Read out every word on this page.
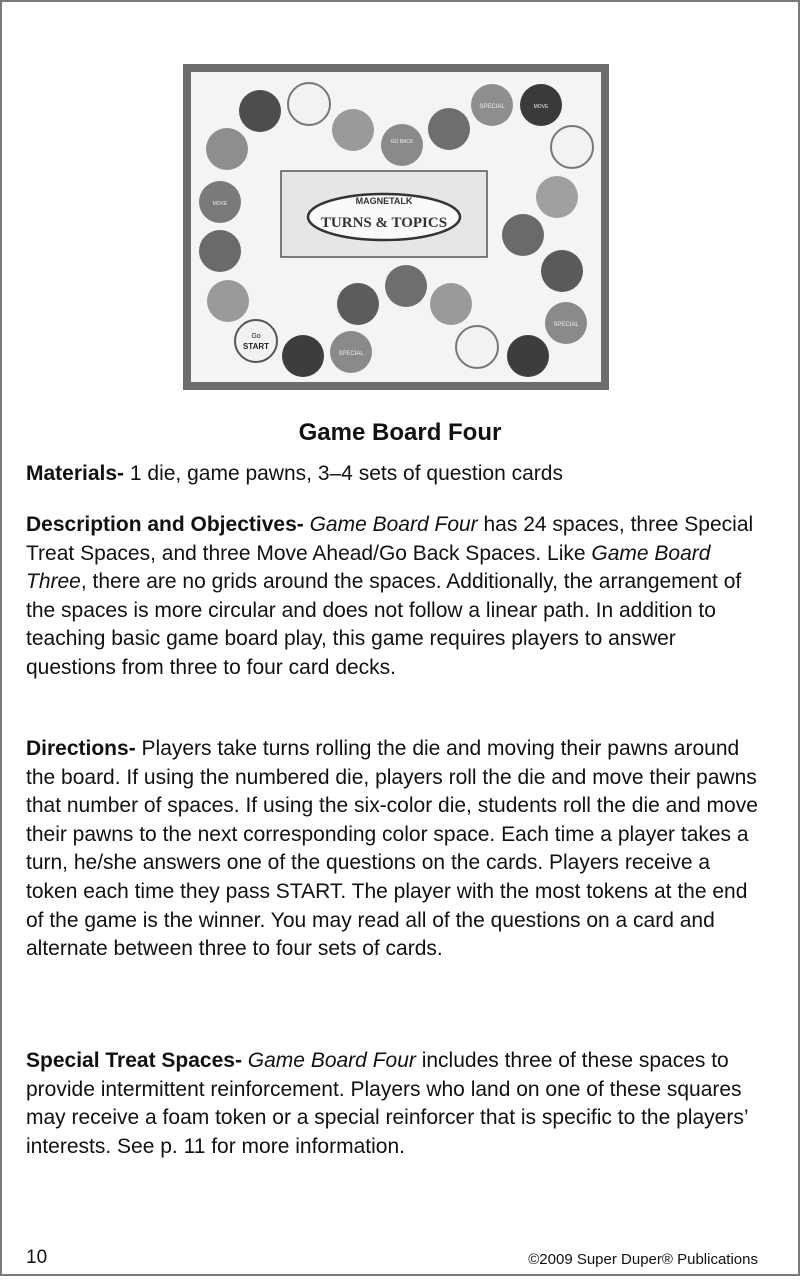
MAGNETALK
TURNS & TOPICS
GO BACK
SPECIAL	MOVE
SPECIAL
SPECIAL
Go
START
MOVE
Game Board Four

Materials- 1 die, game pawns, 3–4 sets of question cards

Description and Objectives- Game Board Four has 24 spaces, three Special Treat Spaces, and three Move Ahead/Go Back Spaces. Like Game Board Three, there are no grids around the spaces. Additionally, the arrangement of the spaces is more circular and does not follow a linear path. In addition to teaching basic game board play, this game requires players to answer questions from three to four card decks.

Directions- Players take turns rolling the die and moving their pawns around the board. If using the numbered die, players roll the die and move their pawns that number of spaces. If using the six-color die, students roll the die and move their pawns to the next corresponding color space. Each time a player takes a turn, he/she answers one of the questions on the cards. Players receive a token each time they pass START. The player with the most tokens at the end of the game is the winner. You may read all of the questions on a card and alternate between three to four sets of cards.

Special Treat Spaces- Game Board Four includes three of these spaces to provide intermittent reinforcement. Players who land on one of these squares may receive a foam token or a special reinforcer that is specific to the players’ interests. See p. 11 for more information.

10	©2009 Super Duper® Publications
